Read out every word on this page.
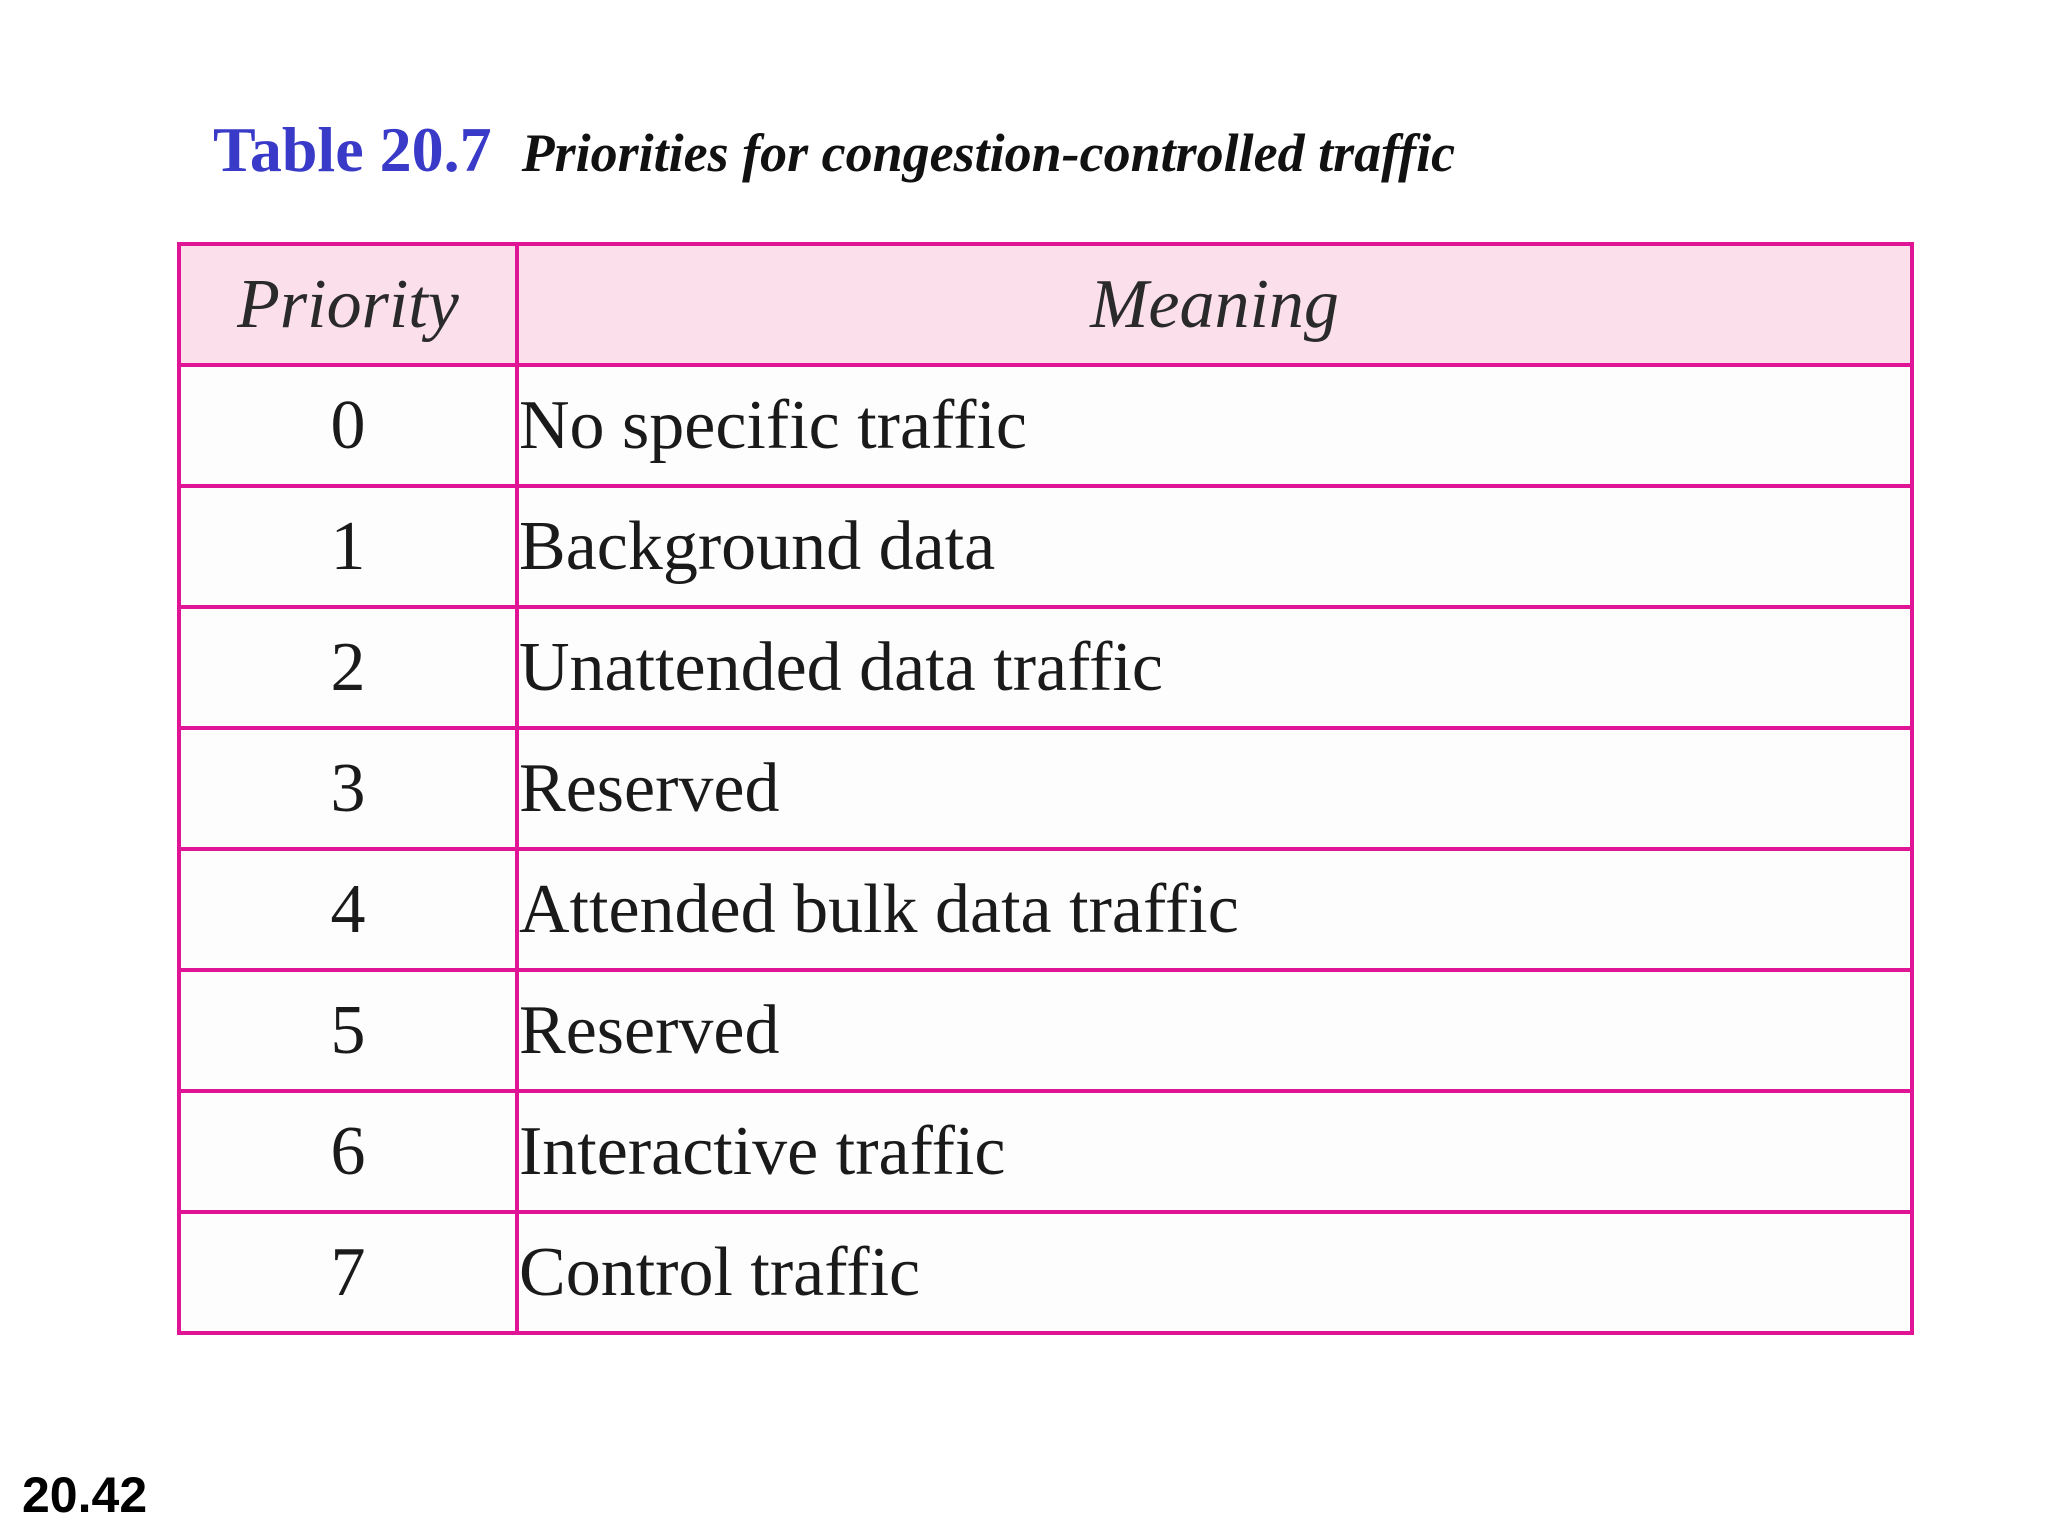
Table 20.7 Priorities for congestion-controlled traffic
Priority	Meaning
0	No specific traffic
1	Background data
2	Unattended data traffic
3	Reserved
4	Attended bulk data traffic
5	Reserved
6	Interactive traffic
7	Control traffic
20.42
